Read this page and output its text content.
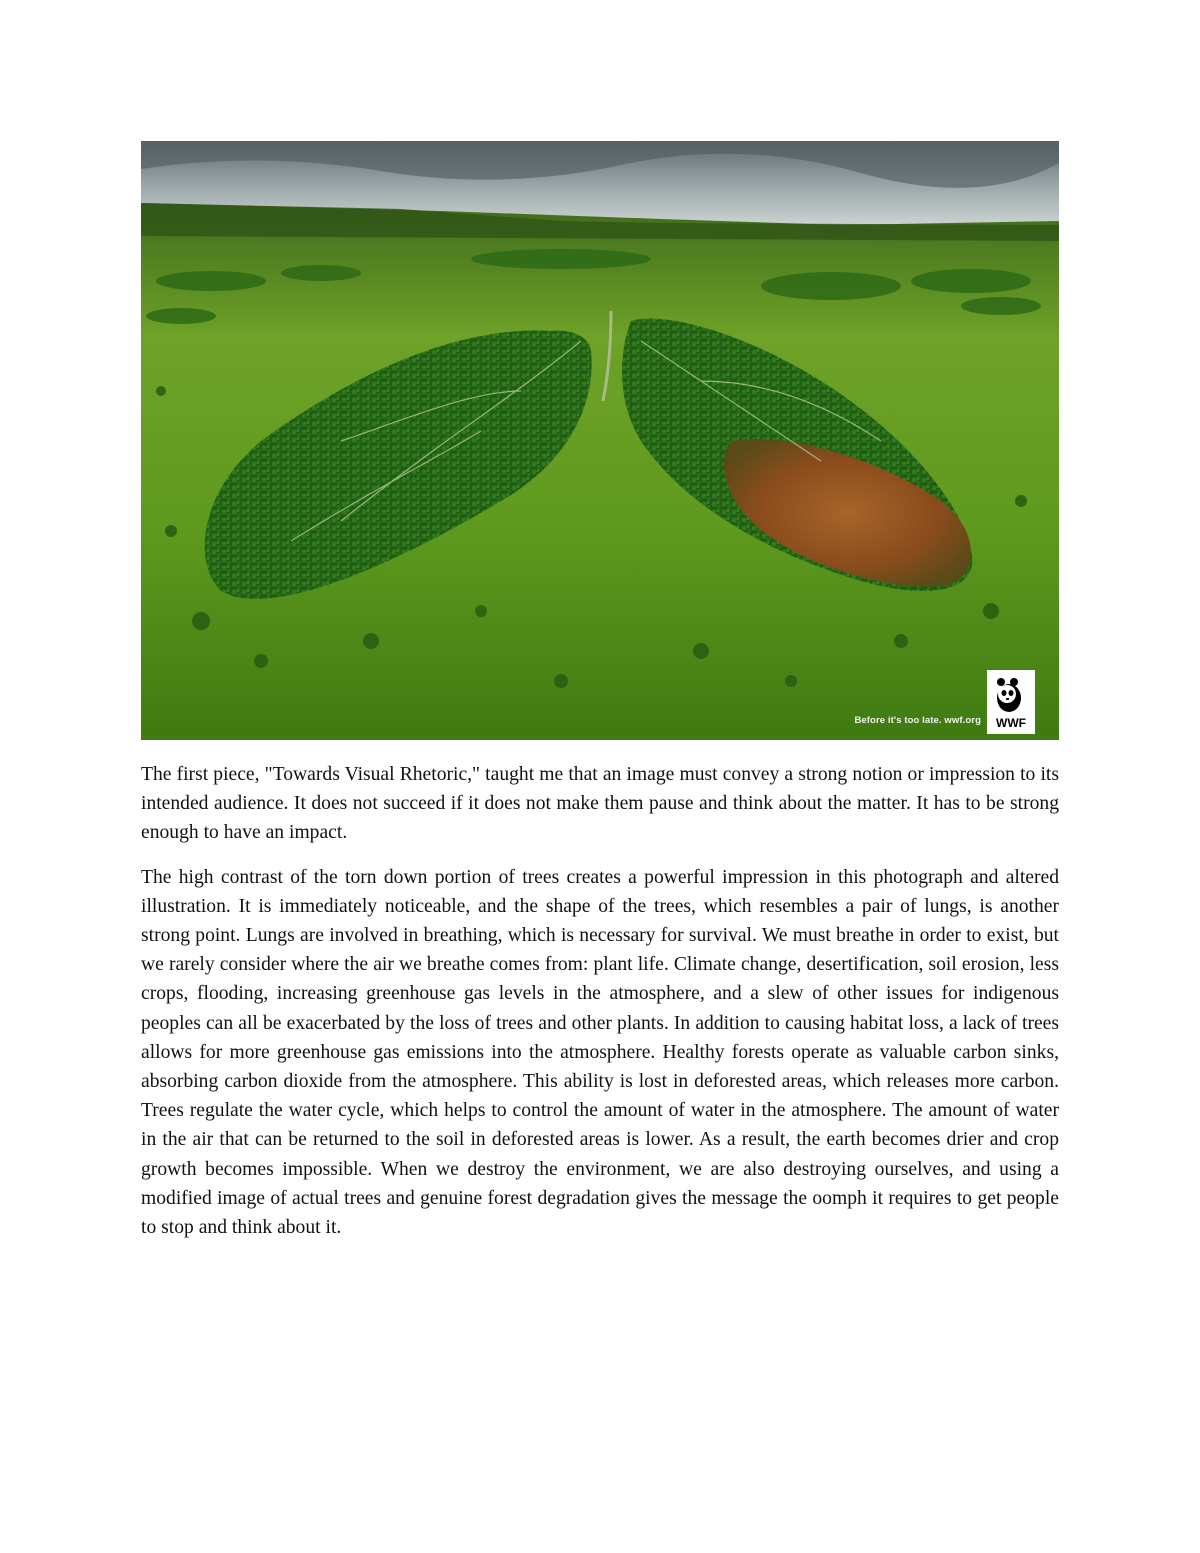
Before it's too late. wwf.org	WWF

The first piece, "Towards Visual Rhetoric," taught me that an image must convey a strong notion or impression to its intended audience. It does not succeed if it does not make them pause and think about the matter. It has to be strong enough to have an impact.

The high contrast of the torn down portion of trees creates a powerful impression in this photograph and altered illustration. It is immediately noticeable, and the shape of the trees, which resembles a pair of lungs, is another strong point. Lungs are involved in breathing, which is necessary for survival. We must breathe in order to exist, but we rarely consider where the air we breathe comes from: plant life. Climate change, desertification, soil erosion, less crops, flooding, increasing greenhouse gas levels in the atmosphere, and a slew of other issues for indigenous peoples can all be exacerbated by the loss of trees and other plants. In addition to causing habitat loss, a lack of trees allows for more greenhouse gas emissions into the atmosphere. Healthy forests operate as valuable carbon sinks, absorbing carbon dioxide from the atmosphere. This ability is lost in deforested areas, which releases more carbon. Trees regulate the water cycle, which helps to control the amount of water in the atmosphere. The amount of water in the air that can be returned to the soil in deforested areas is lower. As a result, the earth becomes drier and crop growth becomes impossible. When we destroy the environment, we are also destroying ourselves, and using a modified image of actual trees and genuine forest degradation gives the message the oomph it requires to get people to stop and think about it.
